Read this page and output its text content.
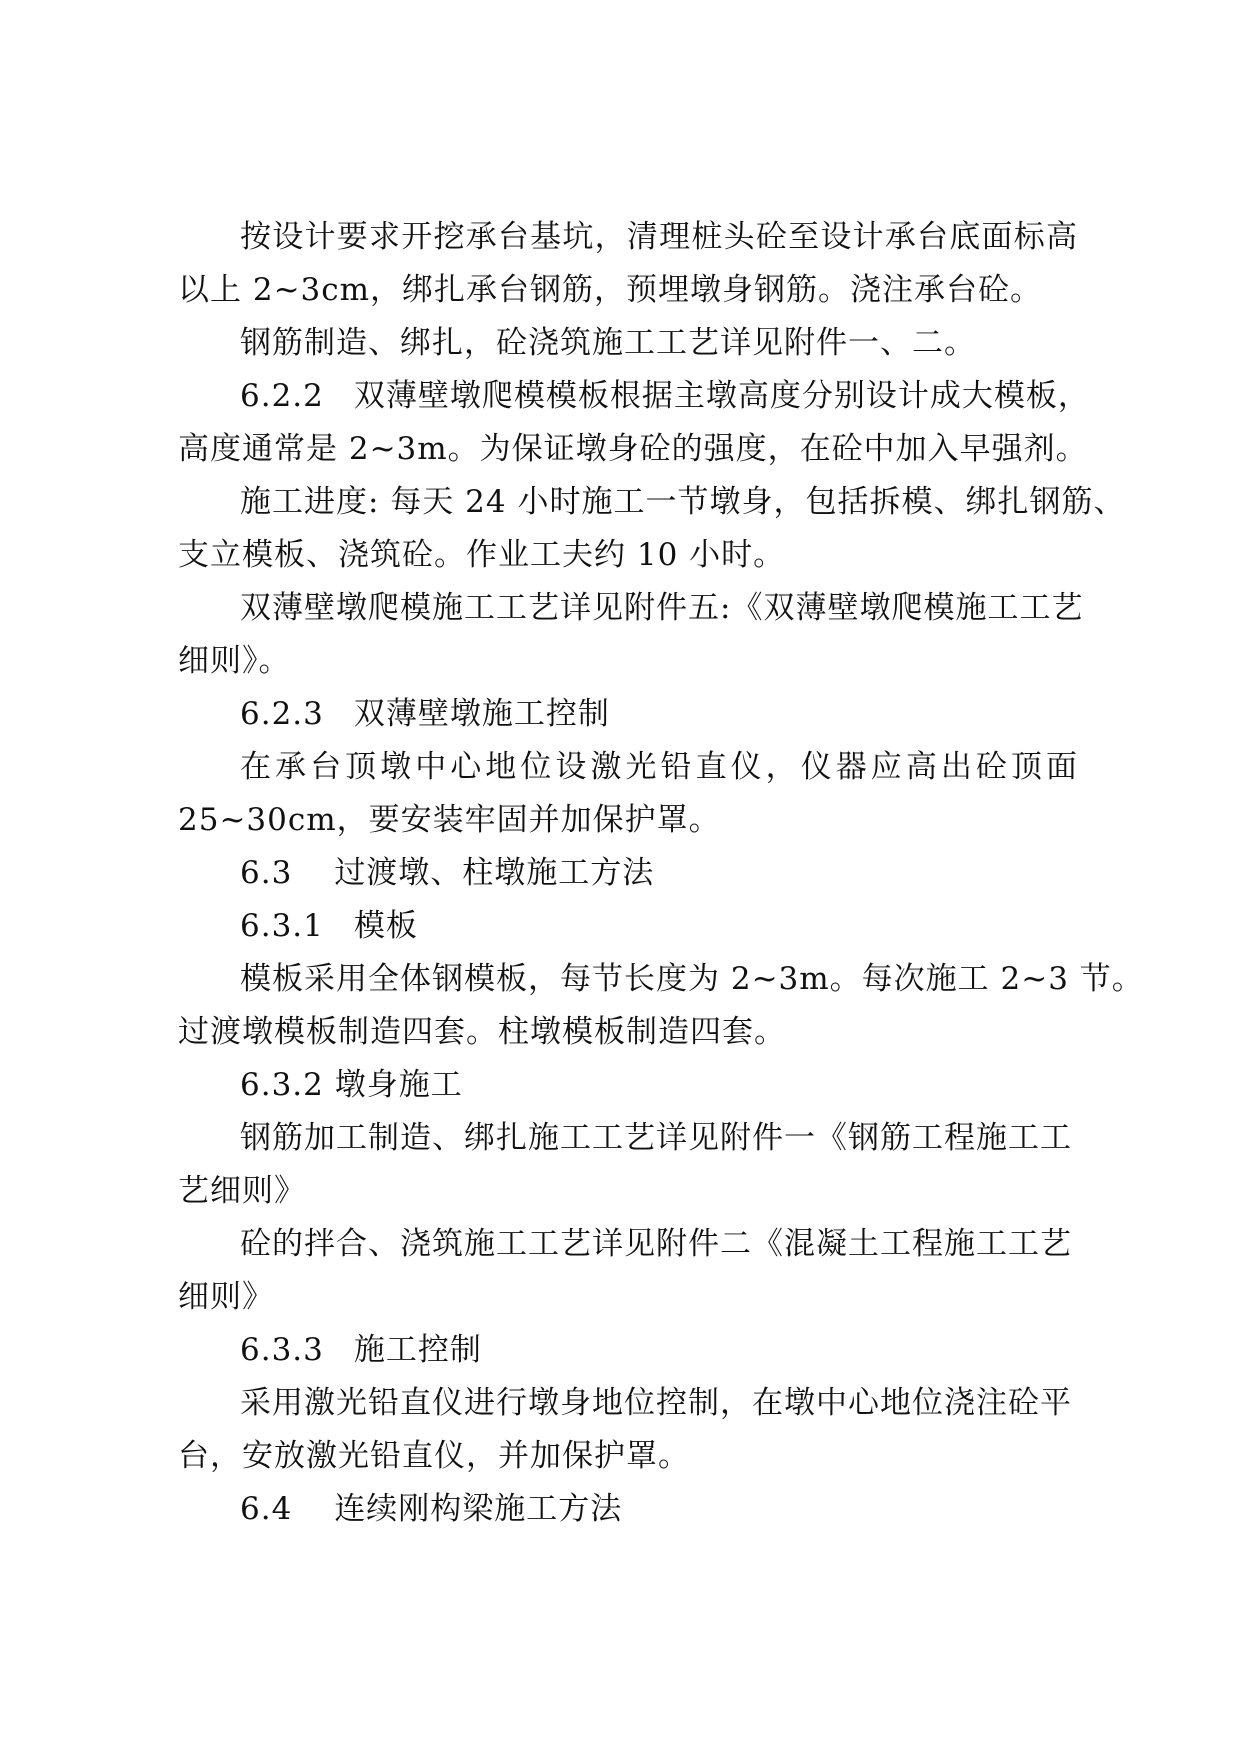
按设计要求开挖承台基坑，清理桩头砼至设计承台底面标高
以上 2~3cm，绑扎承台钢筋，预埋墩身钢筋。浇注承台砼。
钢筋制造、绑扎，砼浇筑施工工艺详见附件一、二。
6.2.2 双薄壁墩爬模模板根据主墩高度分别设计成大模板，
高度通常是 2~3m。为保证墩身砼的强度，在砼中加入早强剂。
施工进度: 每天 24 小时施工一节墩身，包括拆模、绑扎钢筋、
支立模板、浇筑砼。作业工夫约 10 小时。
双薄壁墩爬模施工工艺详见附件五:《双薄壁墩爬模施工工艺
细则》。
6.2.3 双薄壁墩施工控制
在承台顶墩中心地位设激光铅直仪，仪器应高出砼顶面
25~30cm，要安装牢固并加保护罩。
6.3 过渡墩、柱墩施工方法
6.3.1 模板
模板采用全体钢模板，每节长度为 2~3m。每次施工 2~3 节。
过渡墩模板制造四套。柱墩模板制造四套。
6.3.2 墩身施工
钢筋加工制造、绑扎施工工艺详见附件一《钢筋工程施工工
艺细则》
砼的拌合、浇筑施工工艺详见附件二《混凝土工程施工工艺
细则》
6.3.3 施工控制
采用激光铅直仪进行墩身地位控制，在墩中心地位浇注砼平
台，安放激光铅直仪，并加保护罩。
6.4 连续刚构梁施工方法
